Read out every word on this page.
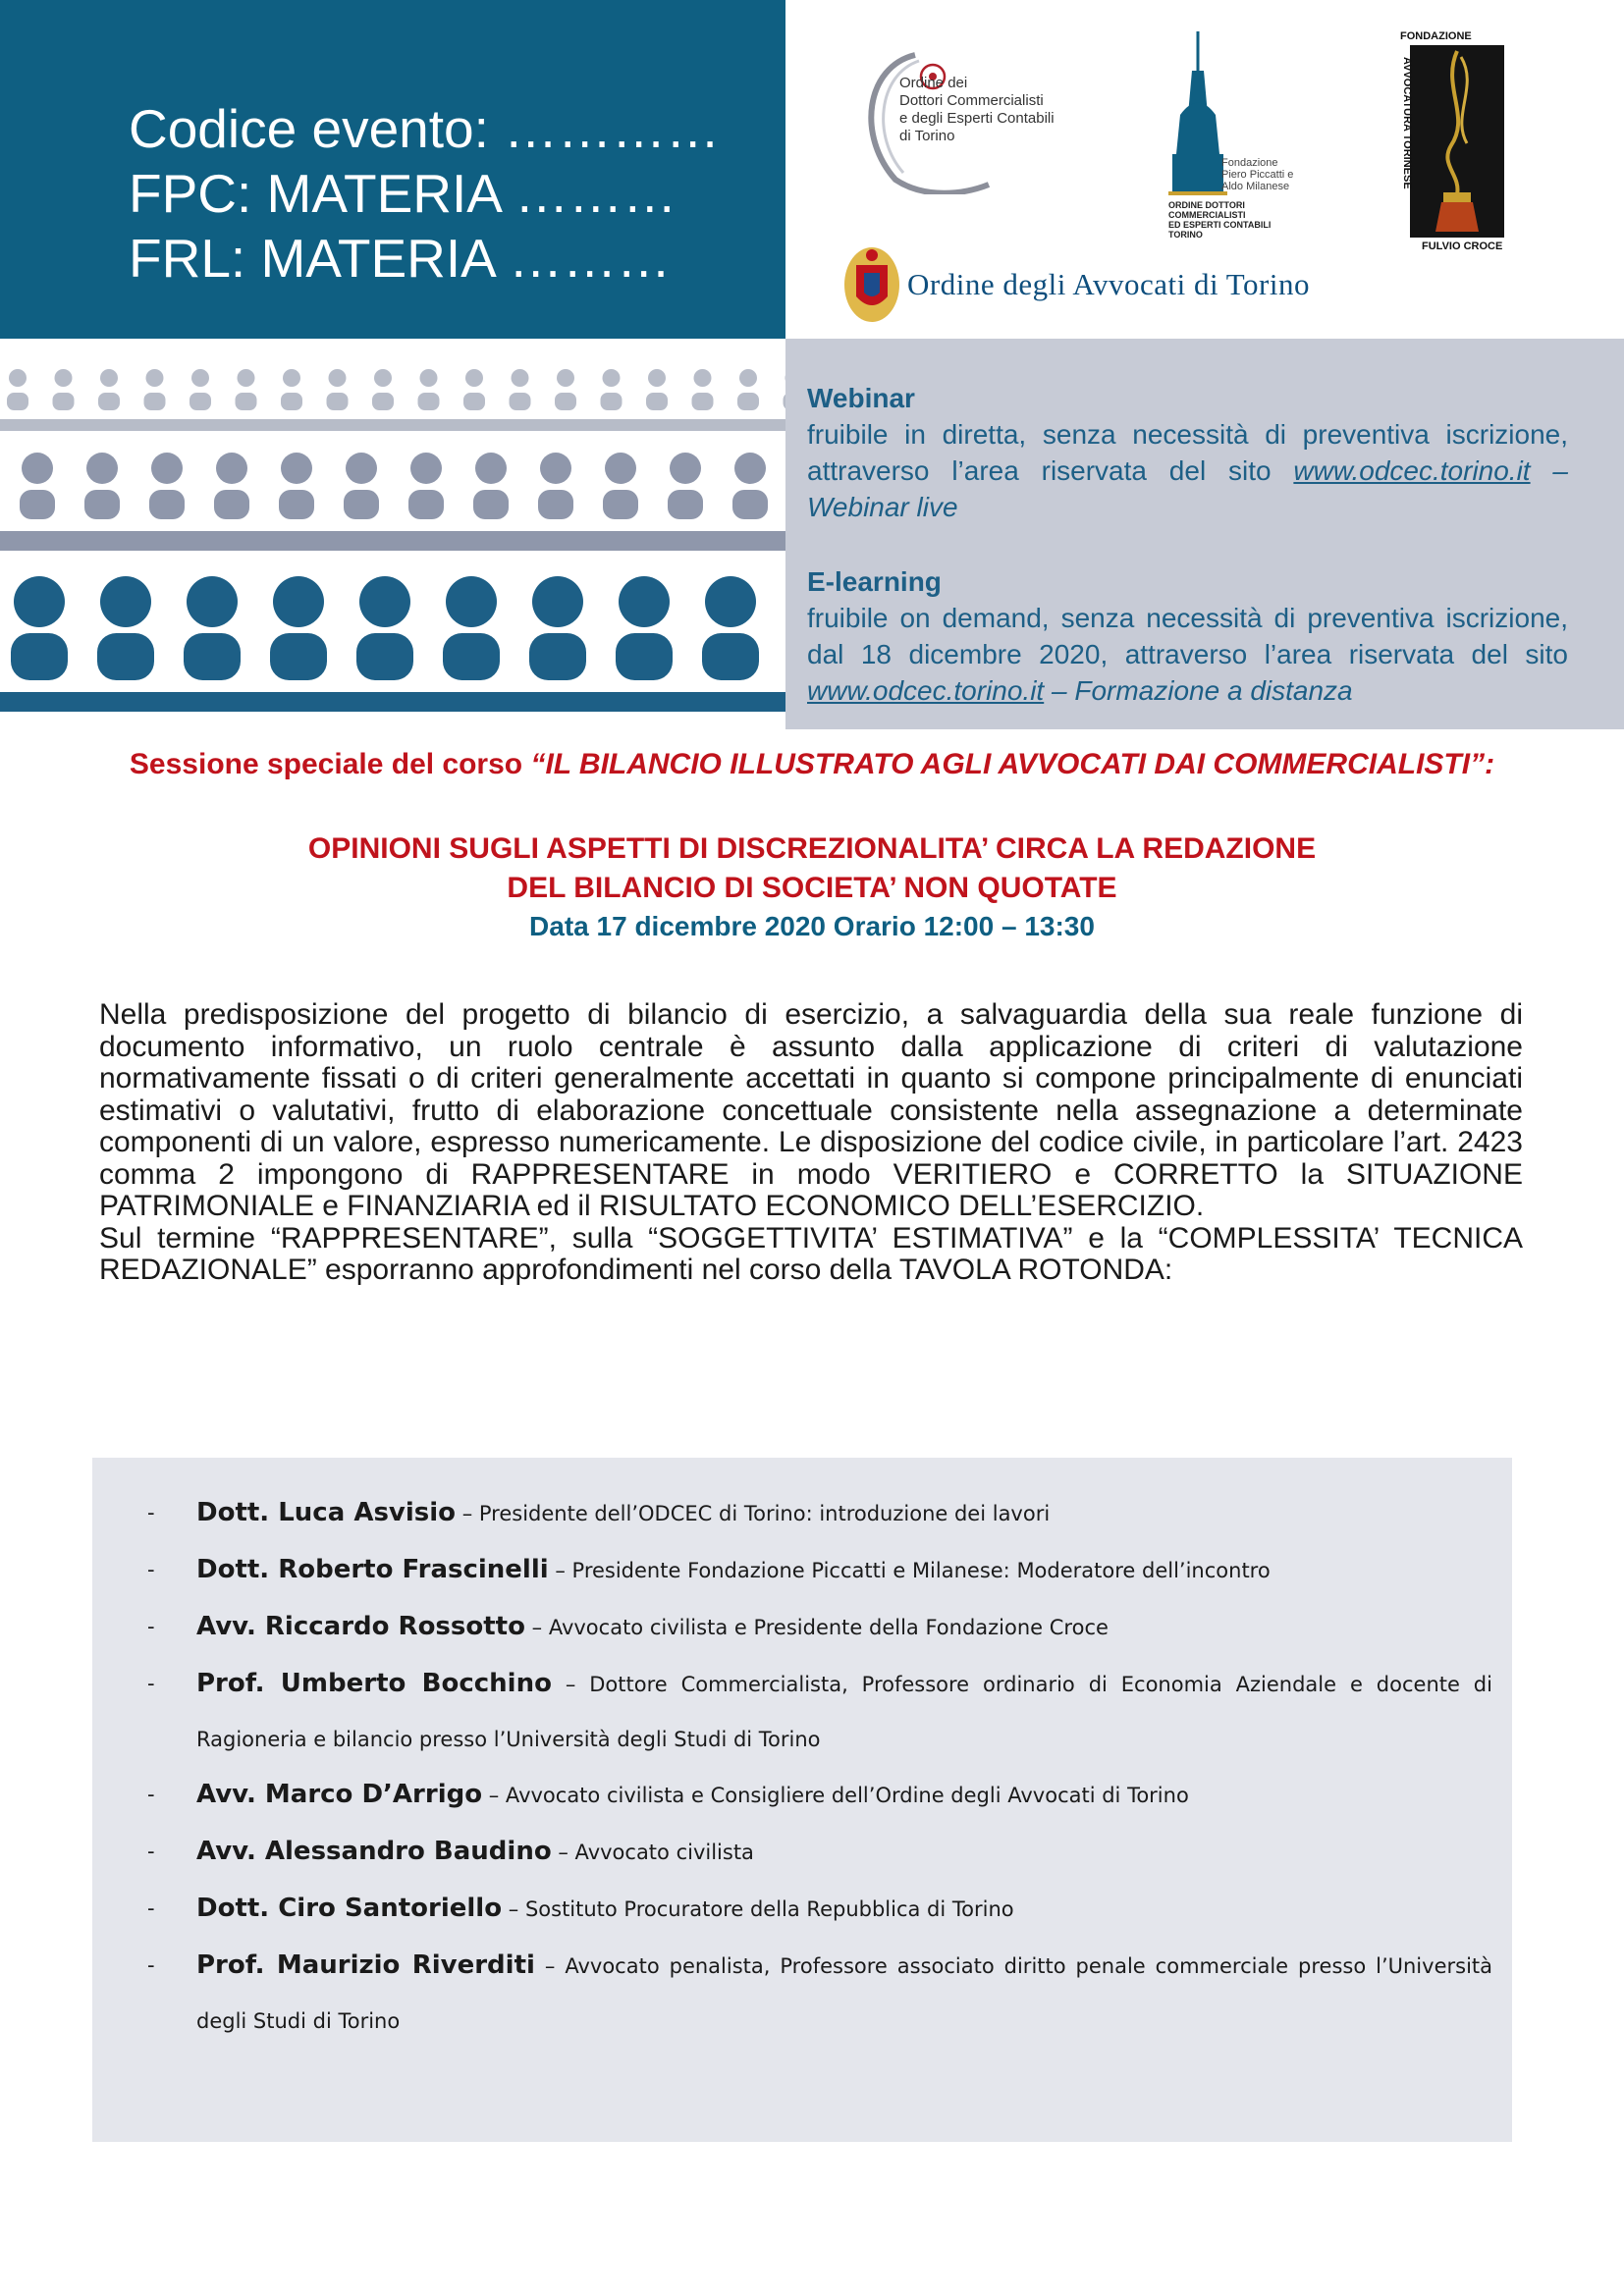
Codice evento: …………
FPC: MATERIA ………
FRL: MATERIA ………
Ordine dei
Dottori Commercialisti
e degli Esperti Contabili
di Torino
Fondazione
Piero Piccatti e
Aldo Milanese
ORDINE DOTTORI
COMMERCIALISTI
ED ESPERTI CONTABILI
TORINO
FONDAZIONE
AVVOCATURA TORINESE
FULVIO CROCE
Ordine degli Avvocati di Torino
Webinar
fruibile in diretta, senza necessità di preventiva iscrizione, attraverso l’area riservata del sito www.odcec.torino.it – Webinar live
E-learning
fruibile on demand, senza necessità di preventiva iscrizione, dal 18 dicembre 2020, attraverso l’area riservata del sito www.odcec.torino.it – Formazione a distanza
Sessione speciale del corso “IL BILANCIO ILLUSTRATO AGLI AVVOCATI DAI COMMERCIALISTI”:
OPINIONI SUGLI ASPETTI DI DISCREZIONALITA’ CIRCA LA REDAZIONE
DEL BILANCIO DI SOCIETA’ NON QUOTATE
Data 17 dicembre 2020 Orario 12:00 – 13:30
Nella predisposizione del progetto di bilancio di esercizio, a salvaguardia della sua reale funzione di documento informativo, un ruolo centrale è assunto dalla applicazione di criteri di valutazione normativamente fissati o di criteri generalmente accettati in quanto si compone principalmente di enunciati estimativi o valutativi, frutto di elaborazione concettuale consistente nella assegnazione a determinate componenti di un valore, espresso numericamente. Le disposizione del codice civile, in particolare l’art. 2423 comma 2 impongono di RAPPRESENTARE in modo VERITIERO e CORRETTO la SITUAZIONE PATRIMONIALE e FINANZIARIA ed il RISULTATO ECONOMICO DELL’ESERCIZIO.
Sul termine “RAPPRESENTARE”, sulla “SOGGETTIVITA’ ESTIMATIVA” e la “COMPLESSITA’ TECNICA REDAZIONALE” esporranno approfondimenti nel corso della TAVOLA ROTONDA:
- Dott. Luca Asvisio – Presidente dell’ODCEC di Torino: introduzione dei lavori
- Dott. Roberto Frascinelli – Presidente Fondazione Piccatti e Milanese: Moderatore dell’incontro
- Avv. Riccardo Rossotto – Avvocato civilista e Presidente della Fondazione Croce
- Prof. Umberto Bocchino – Dottore Commercialista, Professore ordinario di Economia Aziendale e docente di Ragioneria e bilancio presso l’Università degli Studi di Torino
- Avv. Marco D’Arrigo – Avvocato civilista e Consigliere dell’Ordine degli Avvocati di Torino
- Avv. Alessandro Baudino – Avvocato civilista
- Dott. Ciro Santoriello – Sostituto Procuratore della Repubblica di Torino
- Prof. Maurizio Riverditi – Avvocato penalista, Professore associato diritto penale commerciale presso l’Università degli Studi di Torino
